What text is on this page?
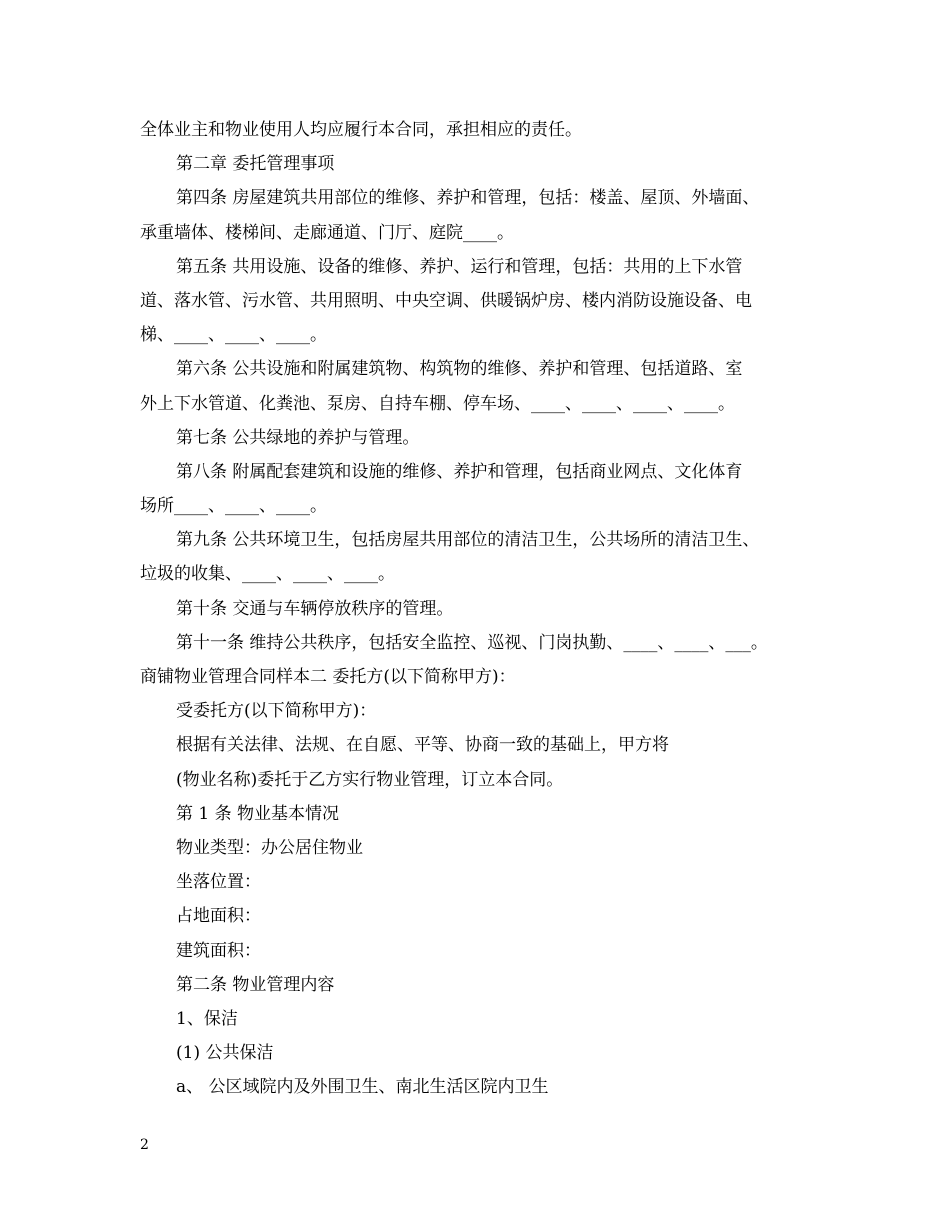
全体业主和物业使用人均应履行本合同，承担相应的责任。
第二章 委托管理事项
第四条 房屋建筑共用部位的维修、养护和管理，包括：楼盖、屋顶、外墙面、
承重墙体、楼梯间、走廊通道、门厅、庭院____。
第五条 共用设施、设备的维修、养护、运行和管理，包括：共用的上下水管
道、落水管、污水管、共用照明、中央空调、供暖锅炉房、楼内消防设施设备、电
梯、____、____、____。
第六条 公共设施和附属建筑物、构筑物的维修、养护和管理、包括道路、室
外上下水管道、化粪池、泵房、自持车棚、停车场、____、____、____、____。
第七条 公共绿地的养护与管理。
第八条 附属配套建筑和设施的维修、养护和管理，包括商业网点、文化体育
场所____、____、____。
第九条 公共环境卫生，包括房屋共用部位的清洁卫生，公共场所的清洁卫生、
垃圾的收集、____、____、____。
第十条 交通与车辆停放秩序的管理。
第十一条 维持公共秩序，包括安全监控、巡视、门岗执勤、____、____、___。
商铺物业管理合同样本二 委托方(以下简称甲方)：
受委托方(以下简称甲方)：
根据有关法律、法规、在自愿、平等、协商一致的基础上，甲方将
(物业名称)委托于乙方实行物业管理，订立本合同。
第 1 条 物业基本情况
物业类型：办公居住物业
坐落位置：
占地面积：
建筑面积：
第二条 物业管理内容
1、保洁
(1) 公共保洁
a、 公区域院内及外围卫生、南北生活区院内卫生
2
